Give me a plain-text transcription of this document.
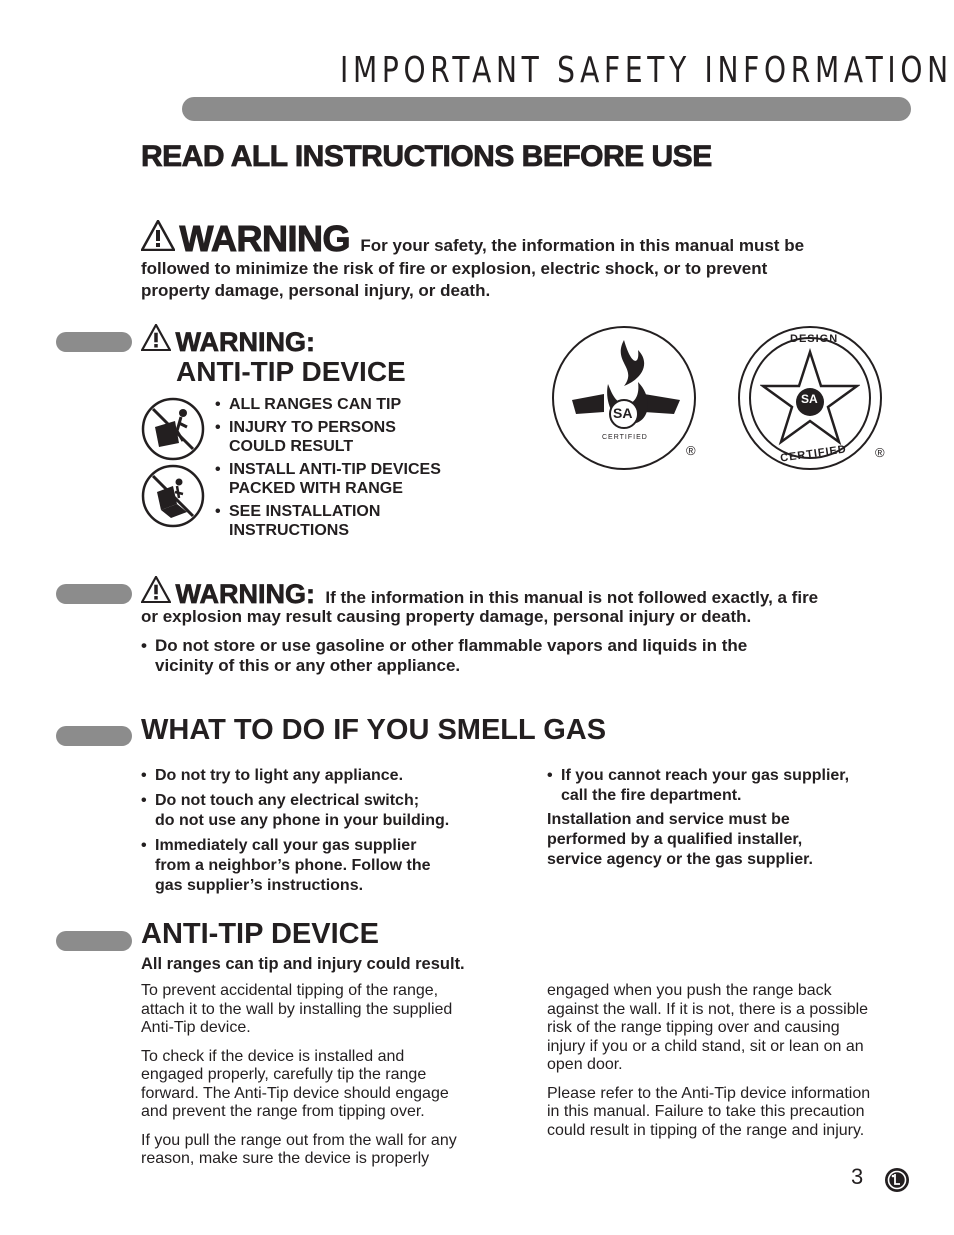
IMPORTANT SAFETY INFORMATION
READ ALL INSTRUCTIONS BEFORE USE
WARNING For your safety, the information in this manual must be
followed to minimize the risk of fire or explosion, electric shock, or to prevent
property damage, personal injury, or death.
WARNING:
ANTI-TIP DEVICE
• ALL RANGES CAN TIP
• INJURY TO PERSONS
COULD RESULT
• INSTALL ANTI-TIP DEVICES
PACKED WITH RANGE
• SEE INSTALLATION
INSTRUCTIONS
SA
CERTIFIED
®
DESIGN
SA
CERTIFIED ®
WARNING: If the information in this manual is not followed exactly, a fire
or explosion may result causing property damage, personal injury or death.
• Do not store or use gasoline or other flammable vapors and liquids in the
vicinity of this or any other appliance.
WHAT TO DO IF YOU SMELL GAS
• Do not try to light any appliance.
• Do not touch any electrical switch;
do not use any phone in your building.
• Immediately call your gas supplier
from a neighbor’s phone. Follow the
gas supplier’s instructions.
• If you cannot reach your gas supplier,
call the fire department.
Installation and service must be
performed by a qualified installer,
service agency or the gas supplier.
ANTI-TIP DEVICE
All ranges can tip and injury could result.

To prevent accidental tipping of the range,
attach it to the wall by installing the supplied
Anti-Tip device.

To check if the device is installed and
engaged properly, carefully tip the range
forward. The Anti-Tip device should engage
and prevent the range from tipping over.

If you pull the range out from the wall for any
reason, make sure the device is properly

engaged when you push the range back
against the wall. If it is not, there is a possible
risk of the range tipping over and causing
injury if you or a child stand, sit or lean on an
open door.

Please refer to the Anti-Tip device information
in this manual. Failure to take this precaution
could result in tipping of the range and injury.

3
